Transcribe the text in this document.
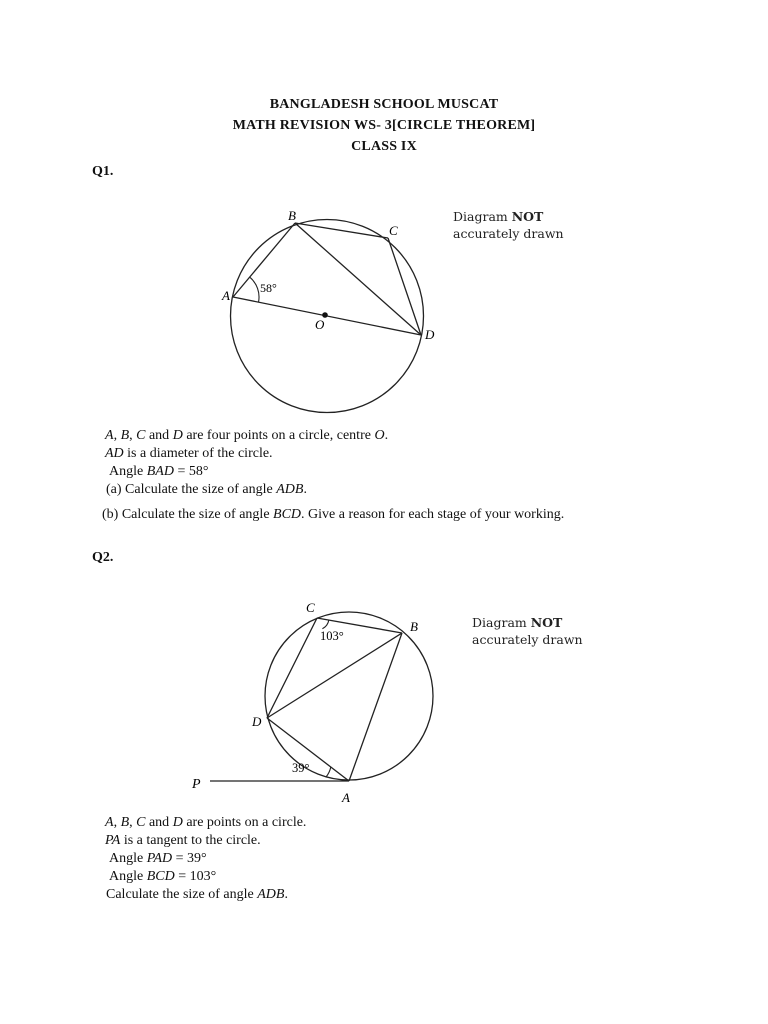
BANGLADESH SCHOOL MUSCAT
MATH REVISION WS- 3[CIRCLE THEOREM]
CLASS IX
Q1.
B
C
A
D
O
58°
Diagram NOT
accurately drawn
A, B, C and D are four points on a circle, centre O.
AD is a diameter of the circle.
Angle BAD = 58°
(a) Calculate the size of angle ADB.
(b) Calculate the size of angle BCD. Give a reason for each stage of your working.
Q2.
C
B
D
P
A
103°
39°
Diagram NOT
accurately drawn
A, B, C and D are points on a circle.
PA is a tangent to the circle.
Angle PAD = 39°
Angle BCD = 103°
Calculate the size of angle ADB.
